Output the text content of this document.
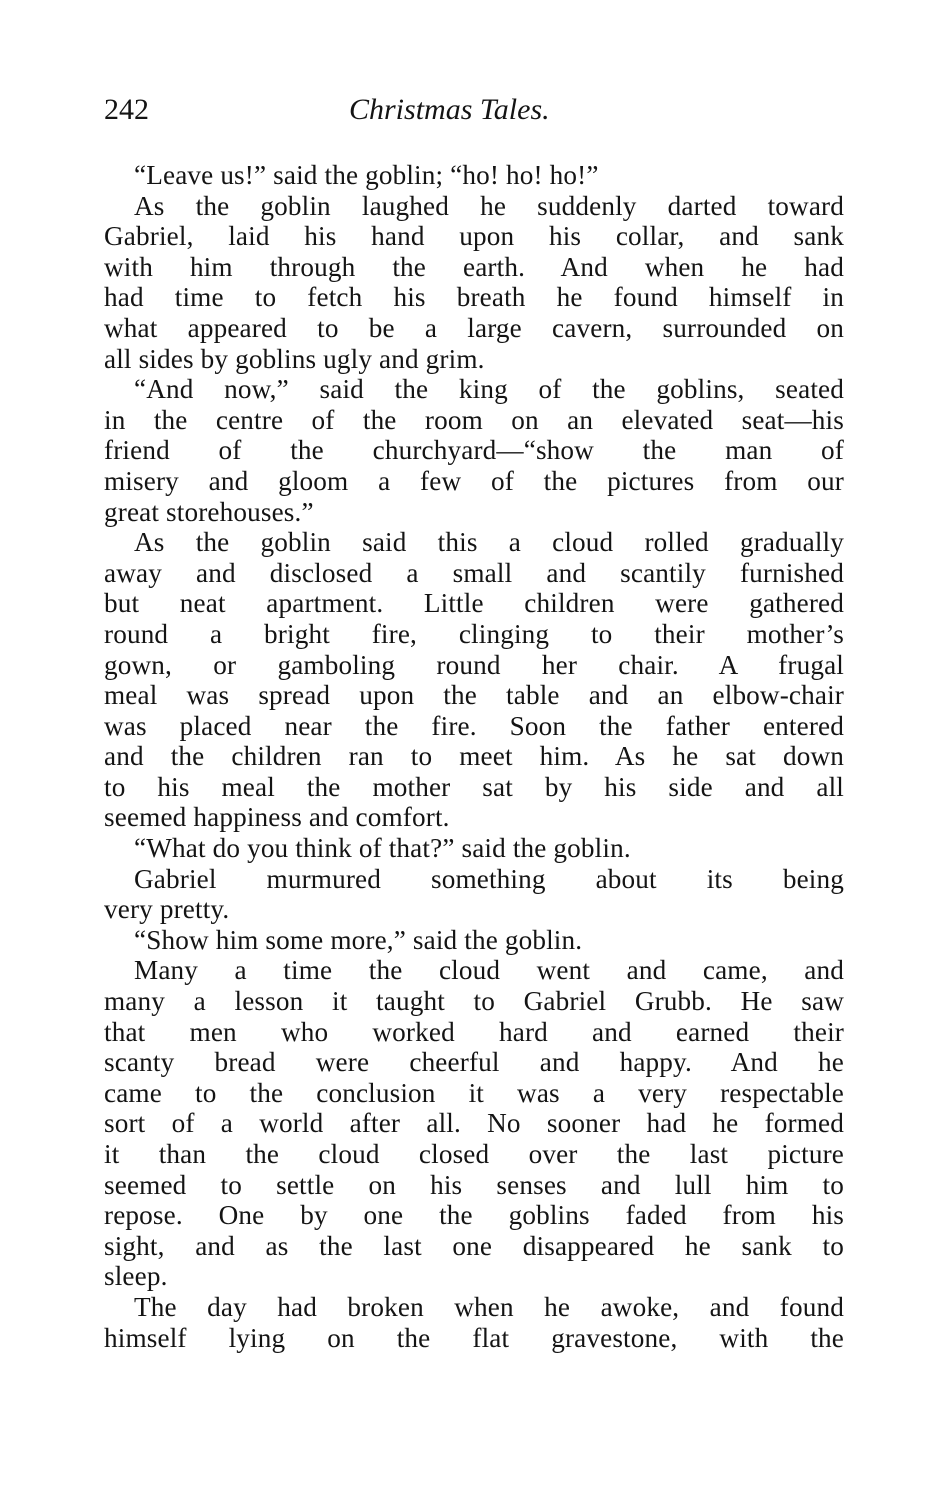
242	Christmas Tales.
“Leave us!” said the goblin; “ho! ho! ho!”
As the goblin laughed he suddenly darted toward
Gabriel, laid his hand upon his collar, and sank
with him through the earth. And when he had
had time to fetch his breath he found himself in
what appeared to be a large cavern, surrounded on
all sides by goblins ugly and grim.
“And now,” said the king of the goblins, seated
in the centre of the room on an elevated seat—his
friend of the churchyard—“show the man of
misery and gloom a few of the pictures from our
great storehouses.”
As the goblin said this a cloud rolled gradually
away and disclosed a small and scantily furnished
but neat apartment. Little children were gathered
round a bright fire, clinging to their mother’s
gown, or gamboling round her chair. A frugal
meal was spread upon the table and an elbow-chair
was placed near the fire. Soon the father entered
and the children ran to meet him. As he sat down
to his meal the mother sat by his side and all
seemed happiness and comfort.
“What do you think of that?” said the goblin.
Gabriel murmured something about its being
very pretty.
“Show him some more,” said the goblin.
Many a time the cloud went and came, and
many a lesson it taught to Gabriel Grubb. He saw
that men who worked hard and earned their
scanty bread were cheerful and happy. And he
came to the conclusion it was a very respectable
sort of a world after all. No sooner had he formed
it than the cloud closed over the last picture
seemed to settle on his senses and lull him to
repose. One by one the goblins faded from his
sight, and as the last one disappeared he sank to
sleep.
The day had broken when he awoke, and found
himself lying on the flat gravestone, with the
